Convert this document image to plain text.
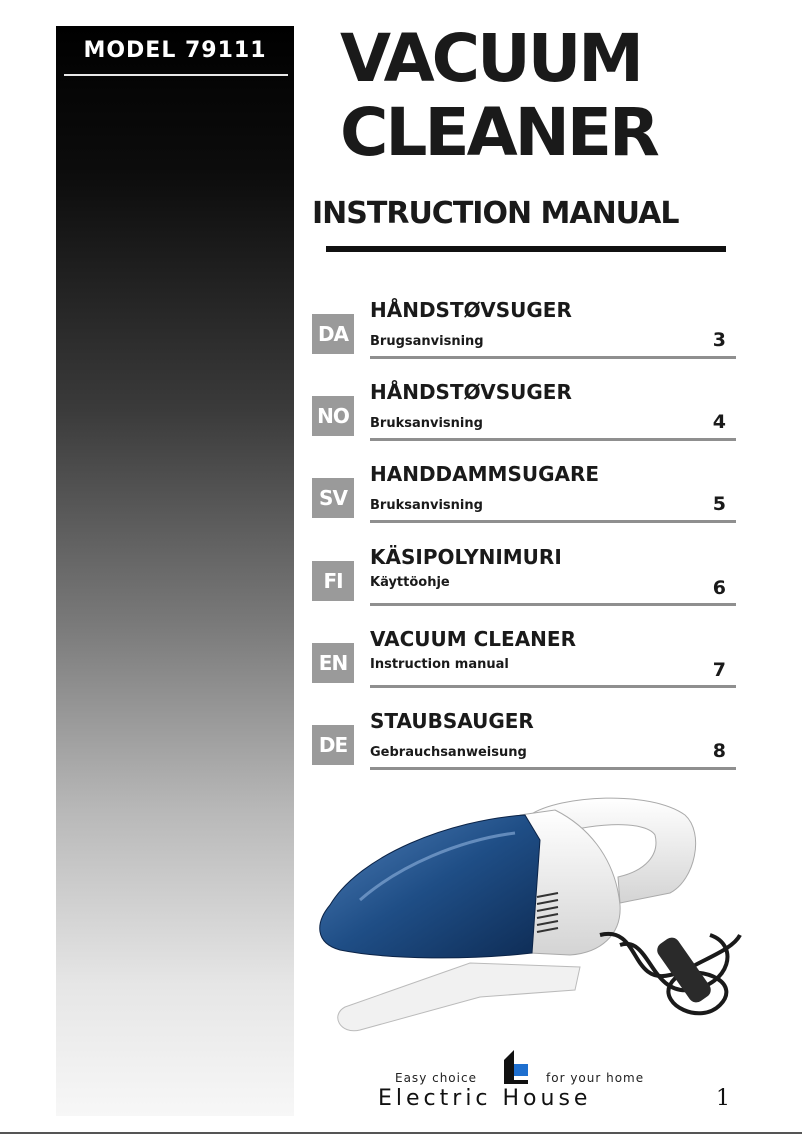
MODEL 79111 VACUUM
CLEANER
INSTRUCTION MANUAL
DA
HÅNDSTØVSUGER
Brugsanvisning	3
NO
HÅNDSTØVSUGER
Bruksanvisning	4
SV
HANDDAMMSUGARE
Bruksanvisning	5
FI
KÄSIPOLYNIMURI
Käyttöohje	6
EN
VACUUM CLEANER
Instruction manual	7
DE
STAUBSAUGER
Gebrauchsanweisung	8
Easy choice	for your home
Electric House	1
